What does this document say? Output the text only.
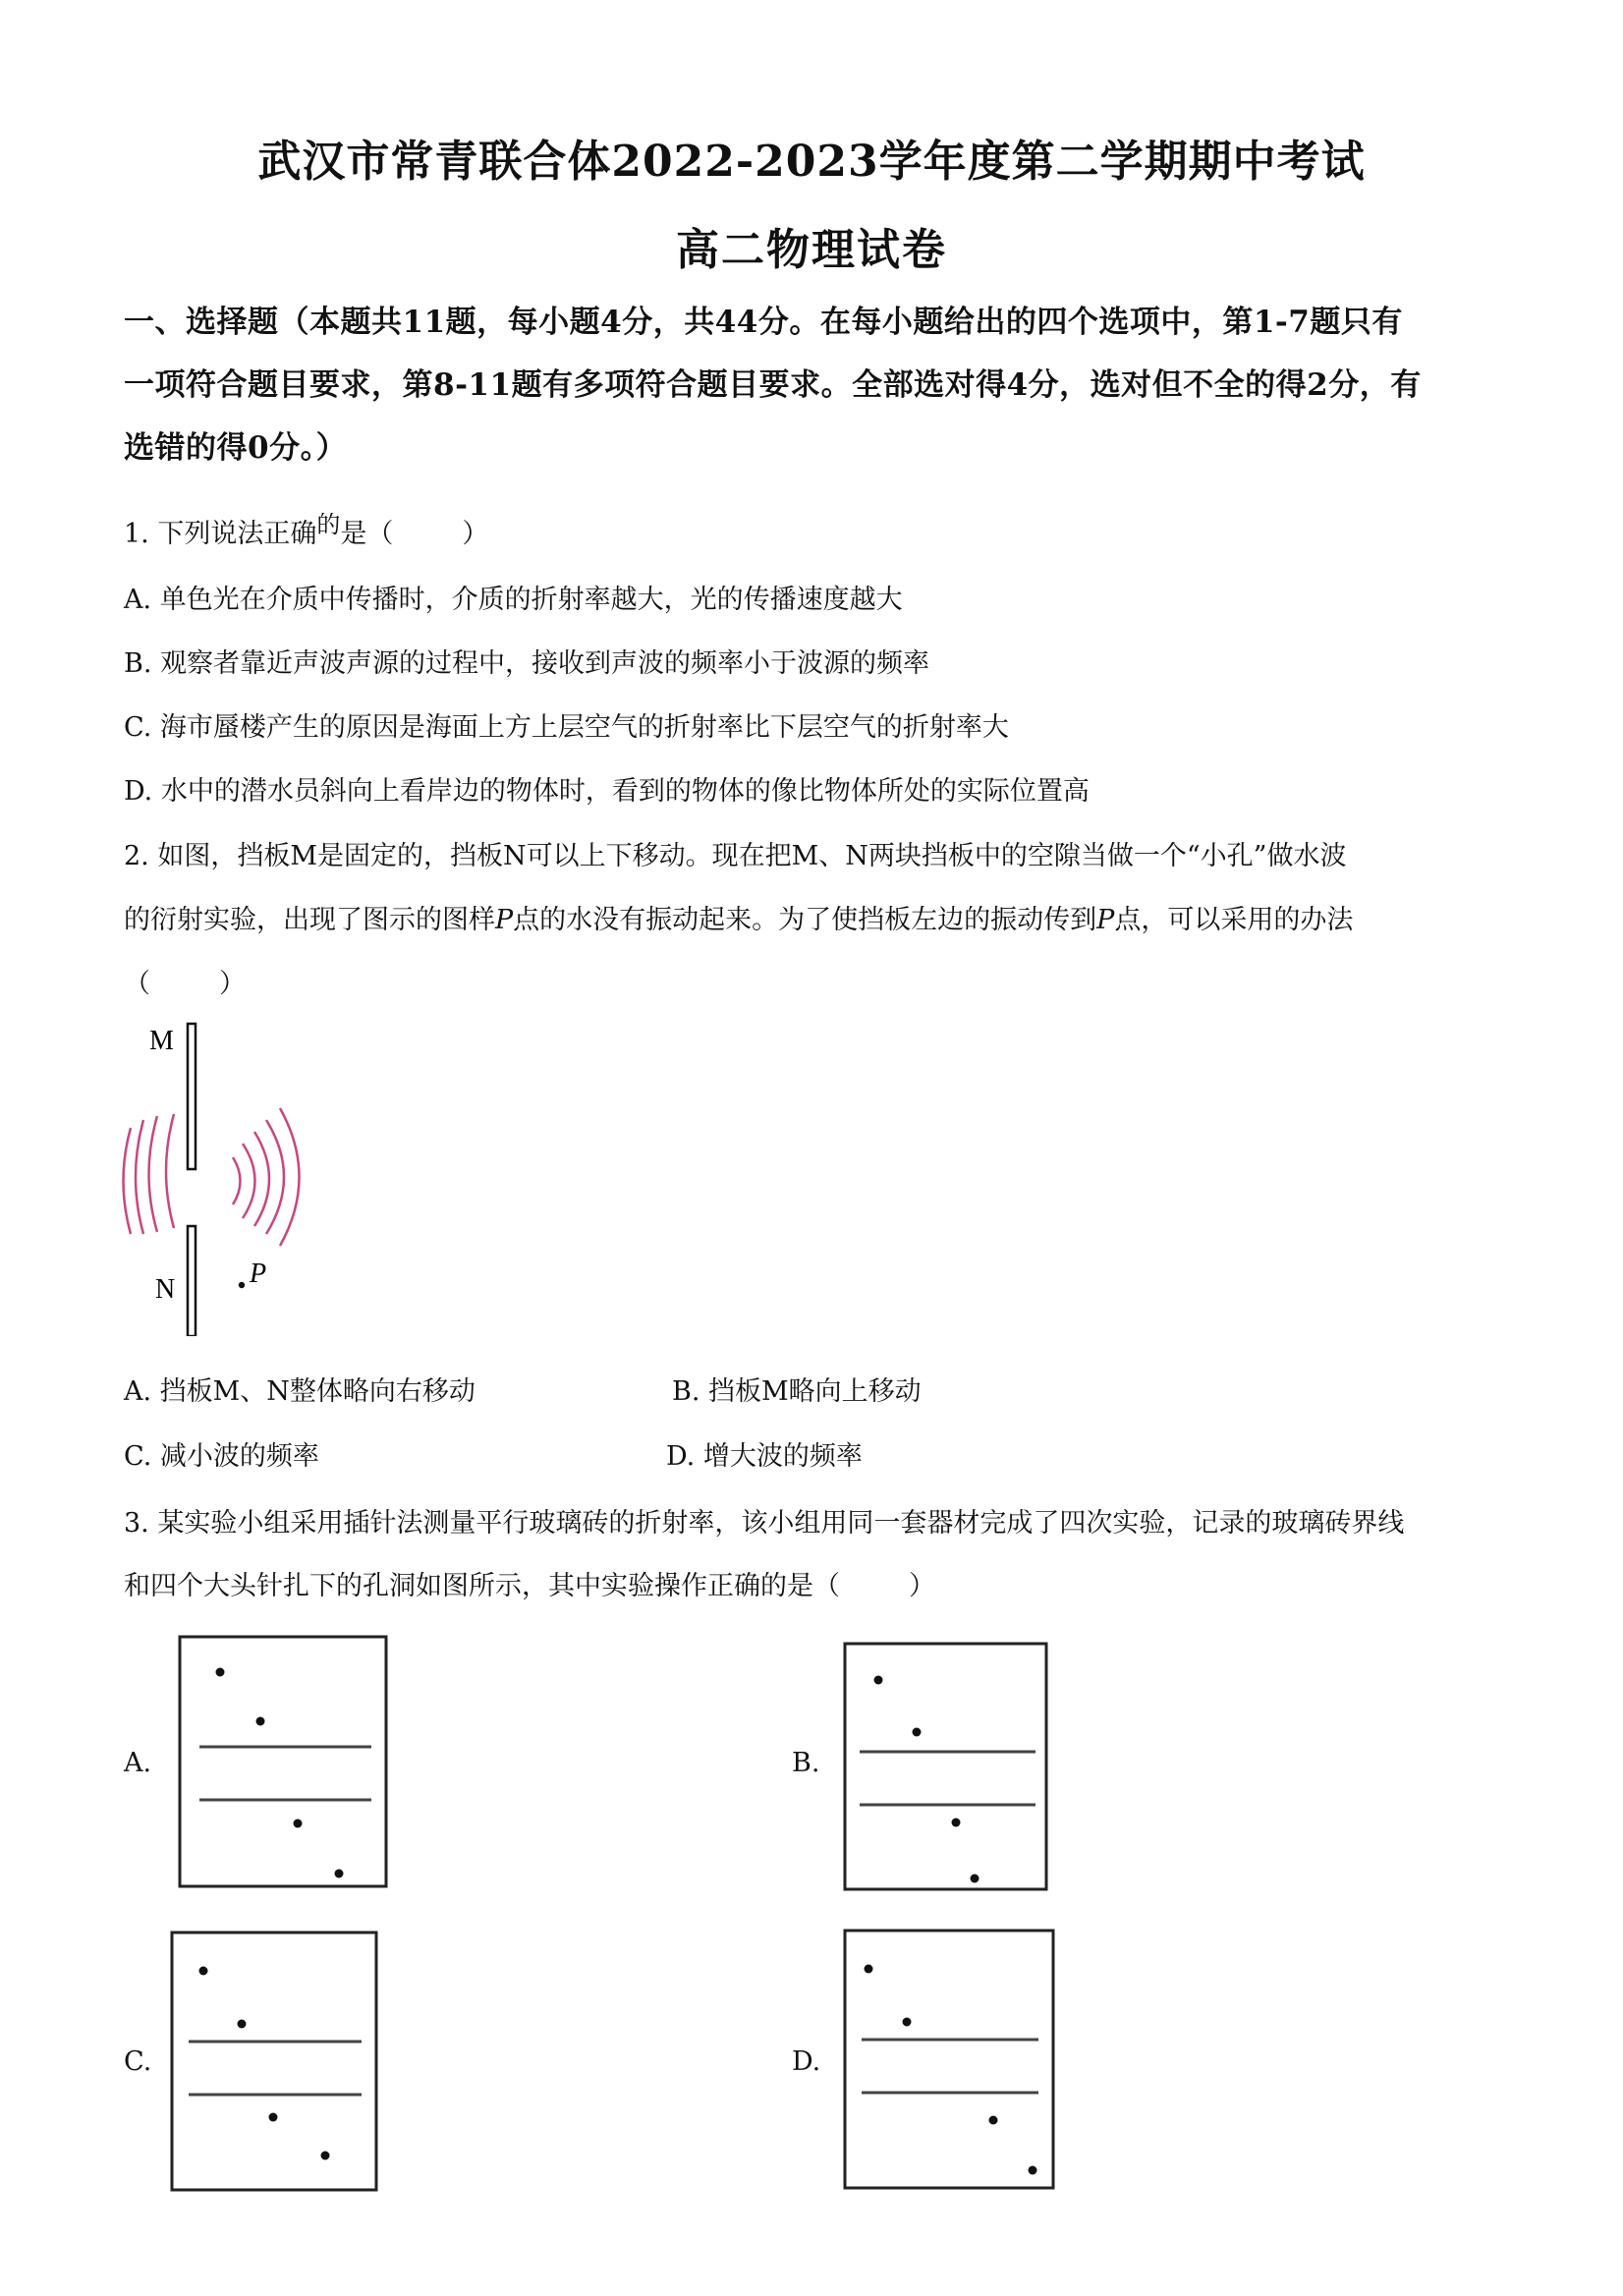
武汉市常青联合体2022-2023学年度第二学期期中考试
高二物理试卷
一、选择题（本题共11题，每小题4分，共44分。在每小题给出的四个选项中，第1-7题只有
一项符合题目要求，第8-11题有多项符合题目要求。全部选对得4分，选对但不全的得2分，有
选错的得0分。）
1. 下列说法正确$^的$是（	）
A. 单色光在介质中传播时，介质的折射率越大，光的传播速度越大
B. 观察者靠近声波声源的过程中，接收到声波的频率小于波源的频率
C. 海市蜃楼产生的原因是海面上方上层空气的折射率比下层空气的折射率大
D. 水中的潜水员斜向上看岸边的物体时，看到的物体的像比物体所处的实际位置高
2. 如图，挡板M是固定的，挡板N可以上下移动。现在把M、N两块挡板中的空隙当做一个“小孔”做水波
的衍射实验，出现了图示的图样P点的水没有振动起来。为了使挡板左边的振动传到P点，可以采用的办法
（	）
M
N
P
A. 挡板M、N整体略向右移动	B. 挡板M略向上移动
C. 减小波的频率	D. 增大波的频率
3. 某实验小组采用插针法测量平行玻璃砖的折射率，该小组用同一套器材完成了四次实验，记录的玻璃砖界线
和四个大头针扎下的孔洞如图所示，其中实验操作正确的是（	）
A.	B.
C.	D.
